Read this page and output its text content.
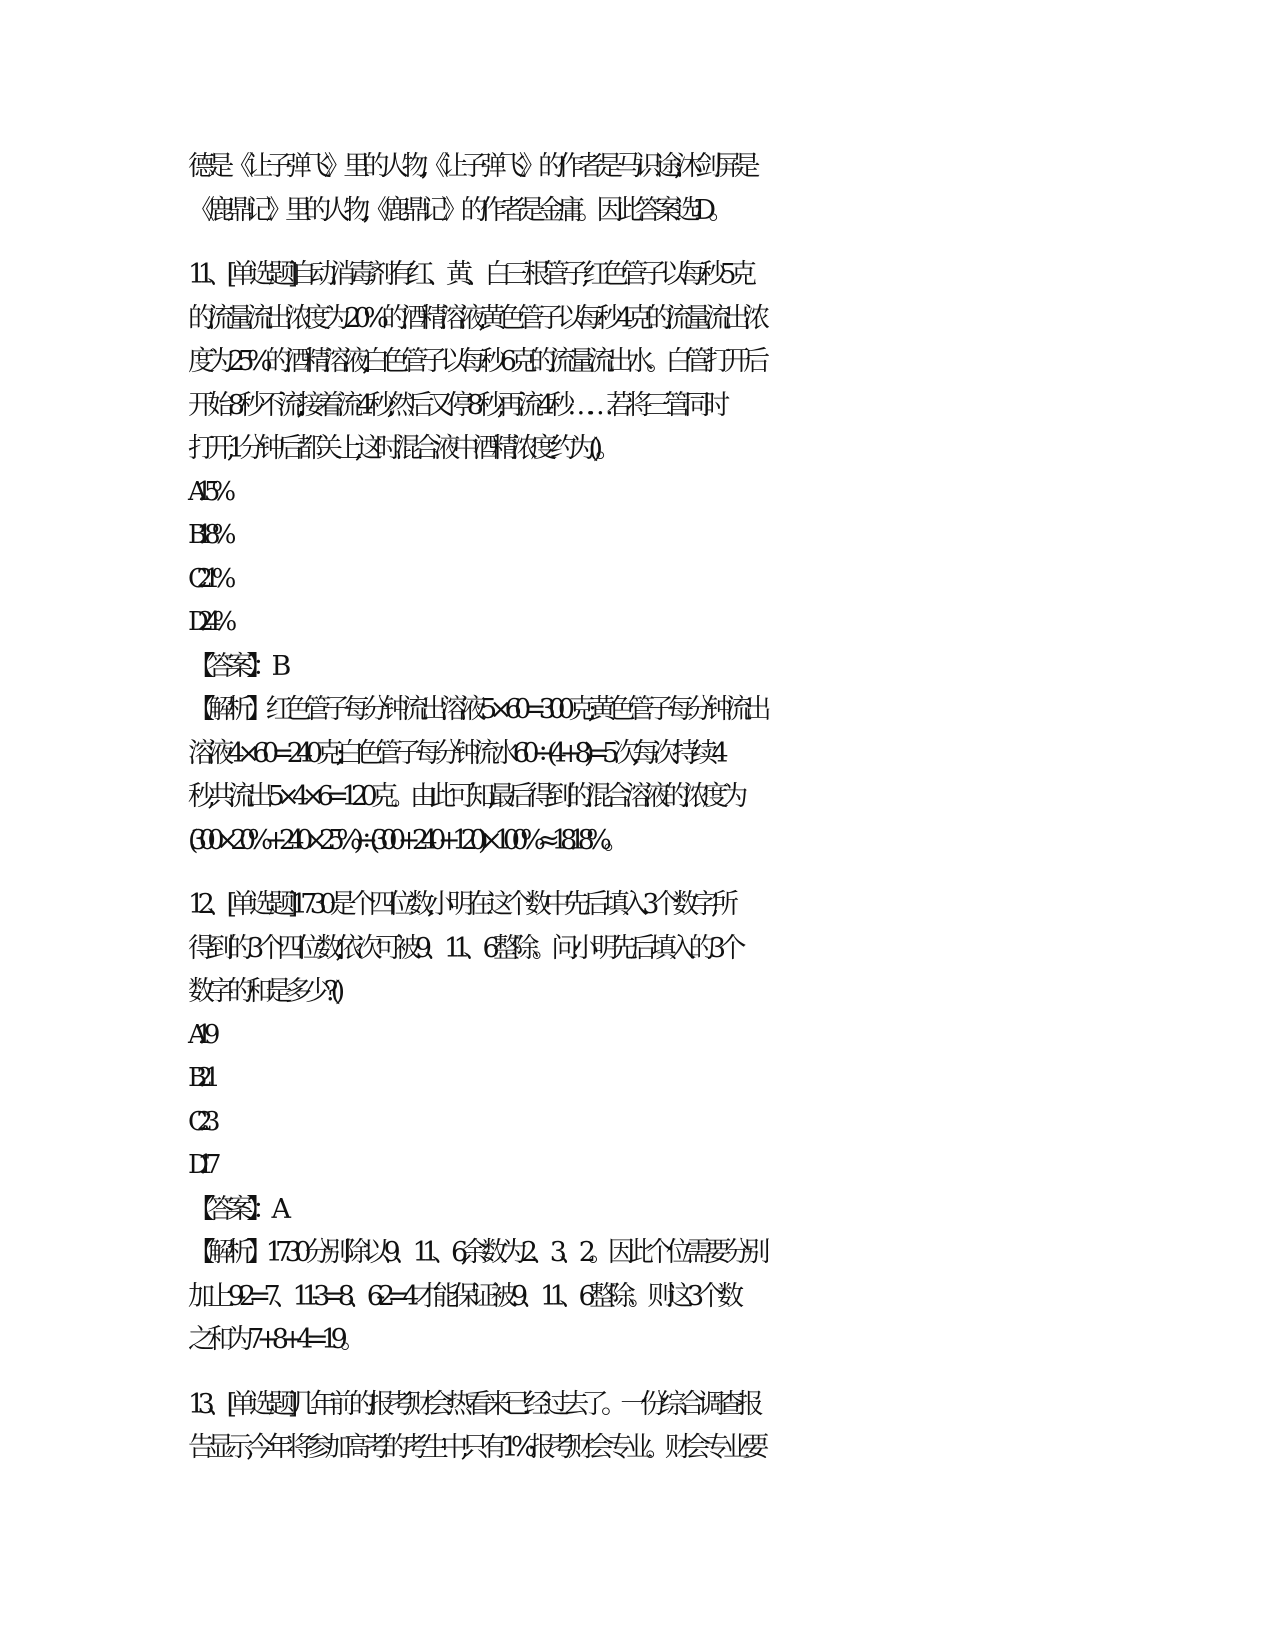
德是《让子弹飞》里的人物,《让子弹飞》的作者是马识途;沐剑屏是
《鹿鼎记》里的人物,《鹿鼎记》的作者是金庸。因此答案选 D。
11、[单选题]自动消毒剂有红、黄、白三根管子,红色管子以每秒 5 克
的流量流出浓度为 20%的酒精溶液,黄色管子以每秒 4 克的流量流出浓
度为 25%的酒精溶液,白色管子以每秒 6 克的流量流出水。白管打开后
开始 8 秒不流,接着流 4 秒;然后又停 8 秒,再流 4 秒……若将三管同时
打开,1 分钟后都关上,这时混合液中酒精浓度约为( )。
A. 15%
B. 18%
C. 21%
D. 24%
【答案】：B
【解析】红色管子每分钟流出溶液 5×60=300 克;黄色管子每分钟流出
溶液 4×60=240 克;白色管子每分钟流水 60÷(4+8)=5 次,每次持续 4
秒,共流出 5×4×6=120 克。由此可知,最后得到的混合溶液的浓度为
(300×20%+240×25%)÷(300+240+120)×100%≈18.18%。
12、[单选题]1730 是个四位数,小明在这个数中先后填入 3 个数字,所
得到的 3 个四位数,依次可被 9、11、6 整除。问:小明先后填入的 3 个
数字的和是多少?( )
A. 19
B. 21
C. 23
D. 17
【答案】：A
【解析】1730 分别除以 9、11、6,余数为 2、3、2。因此个位需要分别
加上 9-2=7、11-3=8、6-2=4 才能保证被 9、11、6 整除。则这 3 个数
之和为 7+8+4=19。
13、[单选题]几年前的报考财会热看来已经过去了。一份综合调查报
告显示,今年将参加高考的考生中,只有 1%报考财会专业。财会专业要
